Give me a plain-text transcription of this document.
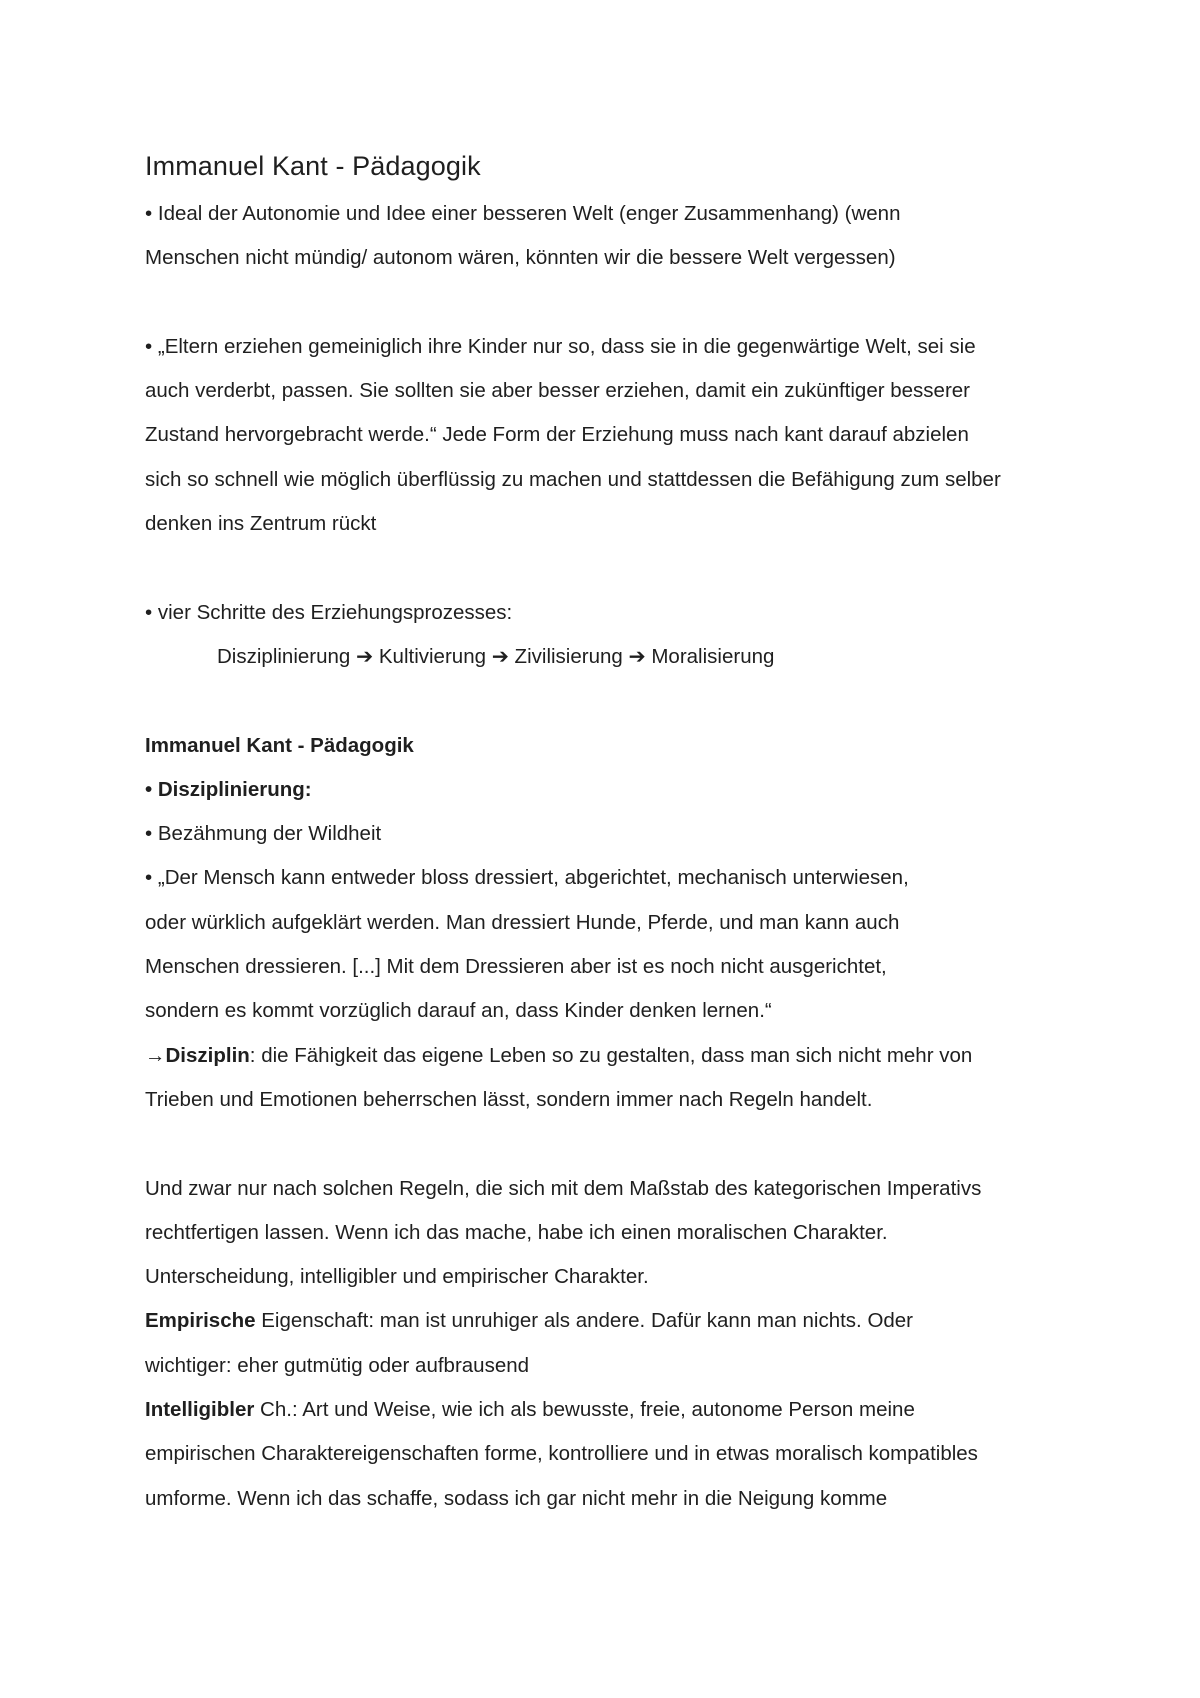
Immanuel Kant - Pädagogik

• Ideal der Autonomie und Idee einer besseren Welt (enger Zusammenhang) (wenn

Menschen nicht mündig/ autonom wären, könnten wir die bessere Welt vergessen)

• „Eltern erziehen gemeiniglich ihre Kinder nur so, dass sie in die gegenwärtige Welt, sei sie

auch verderbt, passen. Sie sollten sie aber besser erziehen, damit ein zukünftiger besserer

Zustand hervorgebracht werde.“ Jede Form der Erziehung muss nach kant darauf abzielen

sich so schnell wie möglich überflüssig zu machen und stattdessen die Befähigung zum selber

denken ins Zentrum rückt

• vier Schritte des Erziehungsprozesses:

Disziplinierung ➔ Kultivierung ➔ Zivilisierung ➔ Moralisierung

Immanuel Kant - Pädagogik

• Disziplinierung:

• Bezähmung der Wildheit

• „Der Mensch kann entweder bloss dressiert, abgerichtet, mechanisch unterwiesen,

oder würklich aufgeklärt werden. Man dressiert Hunde, Pferde, und man kann auch

Menschen dressieren. [...] Mit dem Dressieren aber ist es noch nicht ausgerichtet,

sondern es kommt vorzüglich darauf an, dass Kinder denken lernen.“

→Disziplin: die Fähigkeit das eigene Leben so zu gestalten, dass man sich nicht mehr von

Trieben und Emotionen beherrschen lässt, sondern immer nach Regeln handelt.

Und zwar nur nach solchen Regeln, die sich mit dem Maßstab des kategorischen Imperativs

rechtfertigen lassen. Wenn ich das mache, habe ich einen moralischen Charakter.

Unterscheidung, intelligibler und empirischer Charakter.

Empirische Eigenschaft: man ist unruhiger als andere. Dafür kann man nichts. Oder

wichtiger: eher gutmütig oder aufbrausend

Intelligibler Ch.: Art und Weise, wie ich als bewusste, freie, autonome Person meine

empirischen Charaktereigenschaften forme, kontrolliere und in etwas moralisch kompatibles

umforme. Wenn ich das schaffe, sodass ich gar nicht mehr in die Neigung komme
